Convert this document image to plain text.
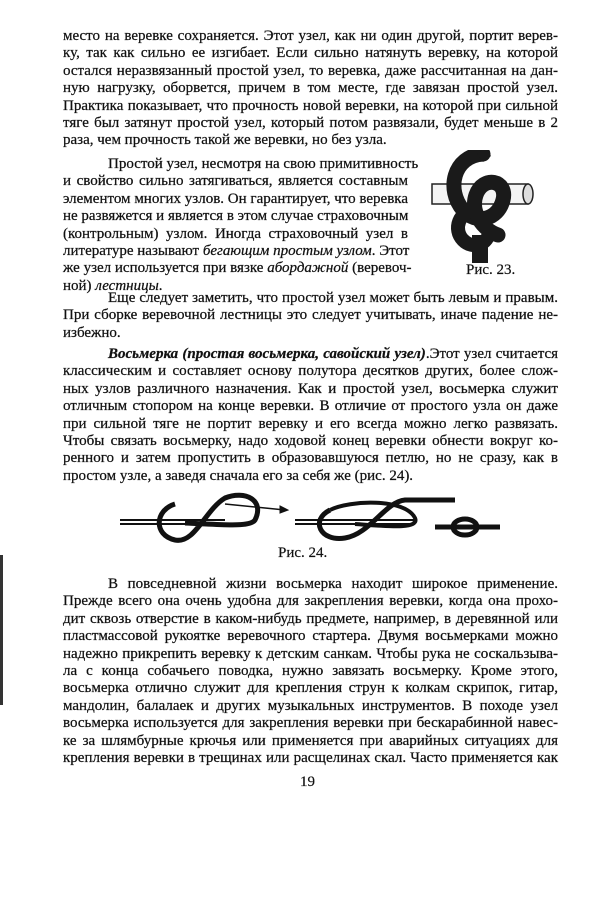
место на веревке сохраняется. Этот узел, как ни один другой, портит верев-
ку, так как сильно ее изгибает. Если сильно натянуть веревку, на которой
остался неразвязанный простой узел, то веревка, даже рассчитанная на дан-
ную нагрузку, оборвется, причем в том месте, где завязан простой узел.
Практика показывает, что прочность новой веревки, на которой при сильной
тяге был затянут простой узел, который потом развязали, будет меньше в 2
раза, чем прочность такой же веревки, но без узла.
Простой узел, несмотря на свою примитивность
и свойство сильно затягиваться, является составным
элементом многих узлов. Он гарантирует, что веревка
не развяжется и является в этом случае страховочным
(контрольным) узлом. Иногда страховочный узел в
литературе называют бегающим простым узлом. Этот
же узел используется при вязке абордажной (веревоч-
ной) лестницы.
Еще следует заметить, что простой узел может быть левым и правым.
При сборке веревочной лестницы это следует учитывать, иначе падение не-
избежно.
Восьмерка (простая восьмерка, савойский узел).Этот узел считается
классическим и составляет основу полутора десятков других, более слож-
ных узлов различного назначения. Как и простой узел, восьмерка служит
отличным стопором на конце веревки. В отличие от простого узла он даже
при сильной тяге не портит веревку и его всегда можно легко развязать.
Чтобы связать восьмерку, надо ходовой конец веревки обнести вокруг ко-
ренного и затем пропустить в образовавшуюся петлю, но не сразу, как в
простом узле, а заведя сначала его за себя же (рис. 24).
В повседневной жизни восьмерка находит широкое применение.
Прежде всего она очень удобна для закрепления веревки, когда она прохо-
дит сквозь отверстие в каком-нибудь предмете, например, в деревянной или
пластмассовой рукоятке веревочного стартера. Двумя восьмерками можно
надежно прикрепить веревку к детским санкам. Чтобы рука не соскальзыва-
ла с конца собачьего поводка, нужно завязать восьмерку. Кроме этого,
восьмерка отлично служит для крепления струн к колкам скрипок, гитар,
мандолин, балалаек и других музыкальных инструментов. В походе узел
восьмерка используется для закрепления веревки при бескарабинной навес-
ке за шлямбурные крючья или применяется при аварийных ситуациях для
крепления веревки в трещинах или расщелинах скал. Часто применяется как
Рис. 23.
Рис. 24.
19
